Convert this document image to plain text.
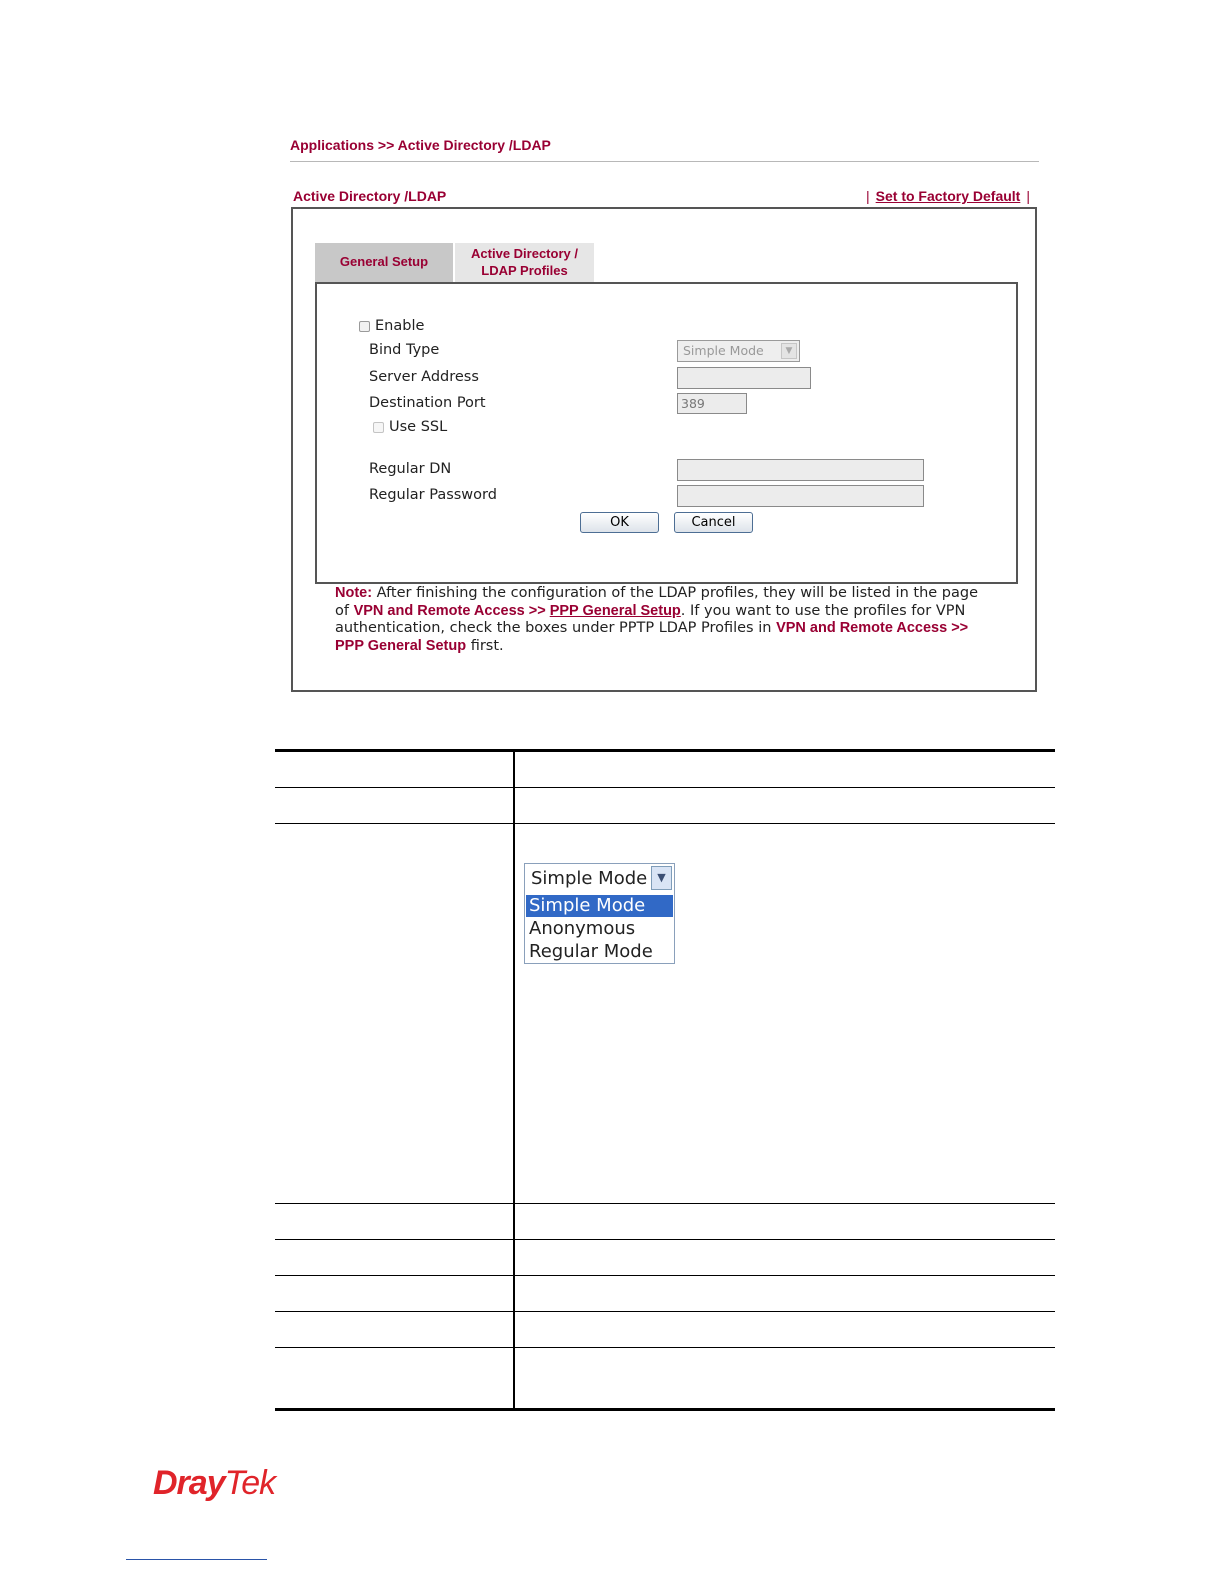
Applications >> Active Directory /LDAP
Active Directory /LDAP	| Set to Factory Default |
General Setup
Active Directory /
LDAP Profiles
Enable
Bind Type	Simple Mode	▼
Server Address
Destination Port	389
Use SSL
Regular DN
Regular Password
OK	Cancel
Note: After finishing the configuration of the LDAP profiles, they will be listed in the page of VPN and Remote Access >> PPP General Setup. If you want to use the profiles for VPN authentication, check the boxes under PPTP LDAP Profiles in VPN and Remote Access >> PPP General Setup first.
Simple Mode ▼
Simple Mode
Anonymous
Regular Mode
DrayTek
